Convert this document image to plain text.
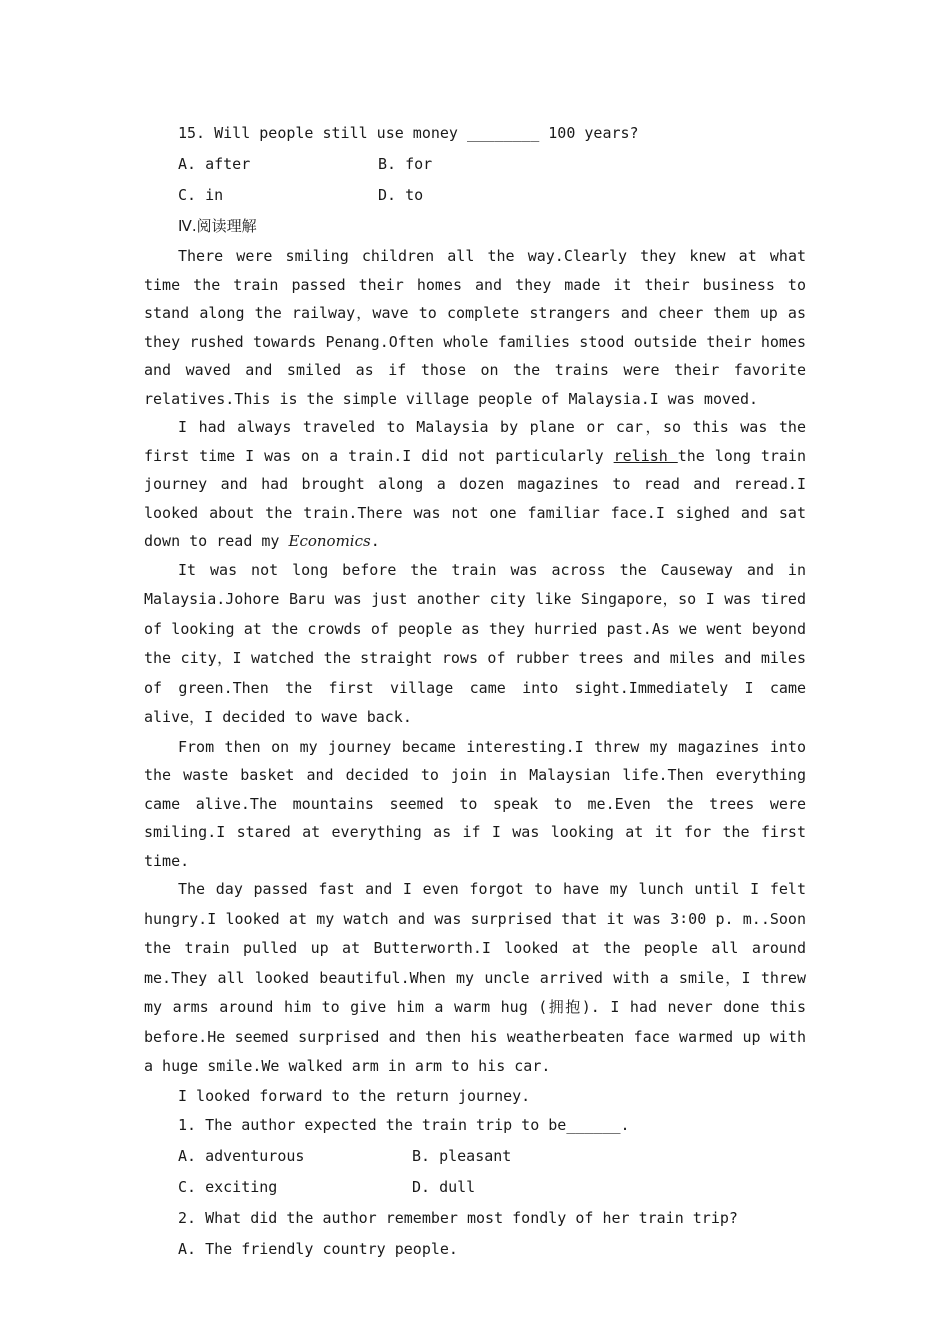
15. Will people still use money ________ 100 years?
A. after	B. for
C. in	D. to
Ⅳ.阅读理解

There were smiling children all the way.Clearly they knew at what time the train passed their homes and they made it their business to stand along the railway，wave to complete strangers and cheer them up as they rushed towards Penang.Often whole families stood outside their homes and waved and smiled as if those on the trains were their favorite relatives.This is the simple village people of Malaysia.I was moved.

I had always traveled to Malaysia by plane or car，so this was the first time I was on a train.I did not particularly relish the long train journey and had brought along a dozen magazines to read and reread.I looked about the train.There was not one familiar face.I sighed and sat down to read my Economics.

It was not long before the train was across the Causeway and in Malaysia.Johore Baru was just another city like Singapore，so I was tired of looking at the crowds of people as they hurried past.As we went beyond the city，I watched the straight rows of rubber trees and miles and miles of green.Then the first village came into sight.Immediately I came alive，I decided to wave back.

From then on my journey became interesting.I threw my magazines into the waste basket and decided to join in Malaysian life.Then everything came alive.The mountains seemed to speak to me.Even the trees were smiling.I stared at everything as if I was looking at it for the first time.

The day passed fast and I even forgot to have my lunch until I felt hungry.I looked at my watch and was surprised that it was 3∶00 p. m..Soon the train pulled up at Butterworth.I looked at the people all around me.They all looked beautiful.When my uncle arrived with a smile，I threw my arms around him to give him a warm hug (拥抱). I had never done this before.He seemed surprised and then his weatherbeaten face warmed up with a huge smile.We walked arm in arm to his car.

I looked forward to the return journey.

1. The author expected the train trip to be______.
A. adventurous	B. pleasant
C. exciting	D. dull
2. What did the author remember most fondly of her train trip?
A. The friendly country people.
